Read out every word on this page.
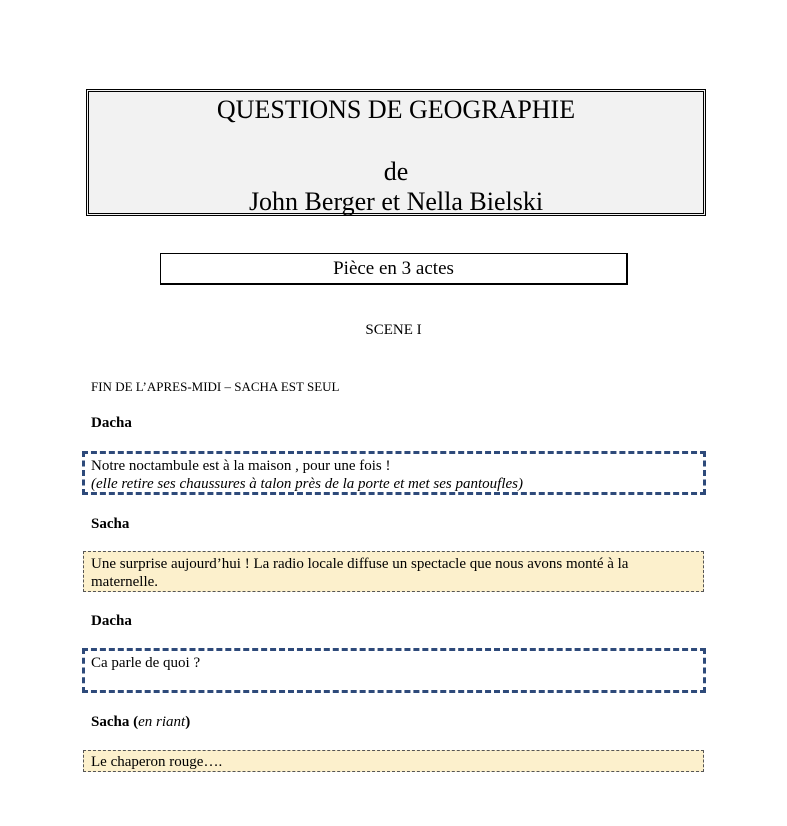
QUESTIONS DE GEOGRAPHIE
de
John Berger et Nella Bielski
Pièce en 3 actes
SCENE I
FIN DE L’APRES-MIDI – SACHA EST SEUL
Dacha
Notre noctambule est à la maison , pour une fois !
(elle retire ses chaussures à talon près de la porte et met ses pantoufles)
Sacha
Une surprise aujourd’hui ! La radio locale diffuse un spectacle que nous avons monté à la maternelle.
Dacha
Ca parle de quoi ?
Sacha (en riant)
Le chaperon rouge….
